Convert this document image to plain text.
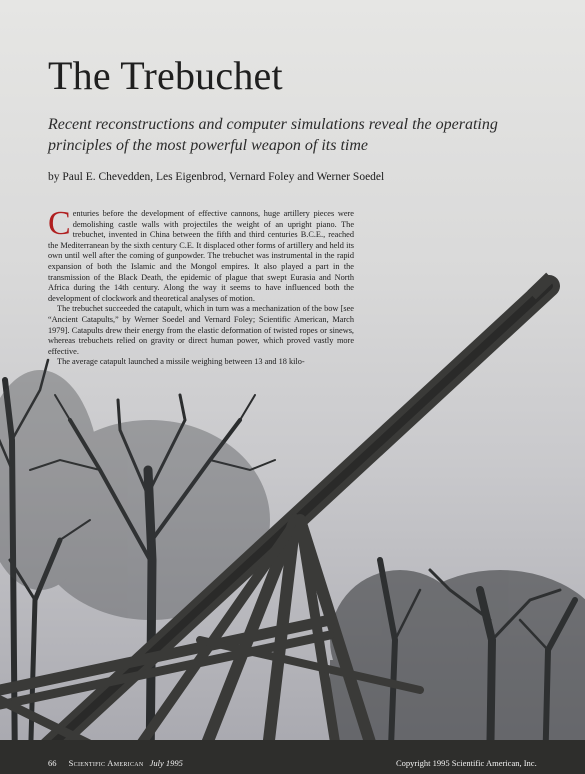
The Trebuchet

Recent reconstructions and computer simulations reveal the operating principles of the most powerful weapon of its time

by Paul E. Chevedden, Les Eigenbrod, Vernard Foley and Werner Soedel

Centuries before the development of effective cannons, huge artillery pieces were demolishing castle walls with projectiles the weight of an upright piano. The trebuchet, invented in China between the fifth and third centuries B.C.E., reached the Mediterranean by the sixth century C.E. It displaced other forms of artillery and held its own until well after the coming of gunpowder. The trebuchet was instrumental in the rapid expansion of both the Islamic and the Mongol empires. It also played a part in the transmission of the Black Death, the epidemic of plague that swept Eurasia and North Africa during the 14th century. Along the way it seems to have influenced both the development of clockwork and theoretical analyses of motion.

The trebuchet succeeded the catapult, which in turn was a mechanization of the bow [see “Ancient Catapults,” by Werner Soedel and Vernard Foley; Scientific American, March 1979]. Catapults drew their energy from the elastic deformation of twisted ropes or sinews, whereas trebuchets relied on gravity or direct human power, which proved vastly more effective.

The average catapult launched a missile weighing between 13 and 18 kilo-

66 Scientific American July 1995	Copyright 1995 Scientific American, Inc.
